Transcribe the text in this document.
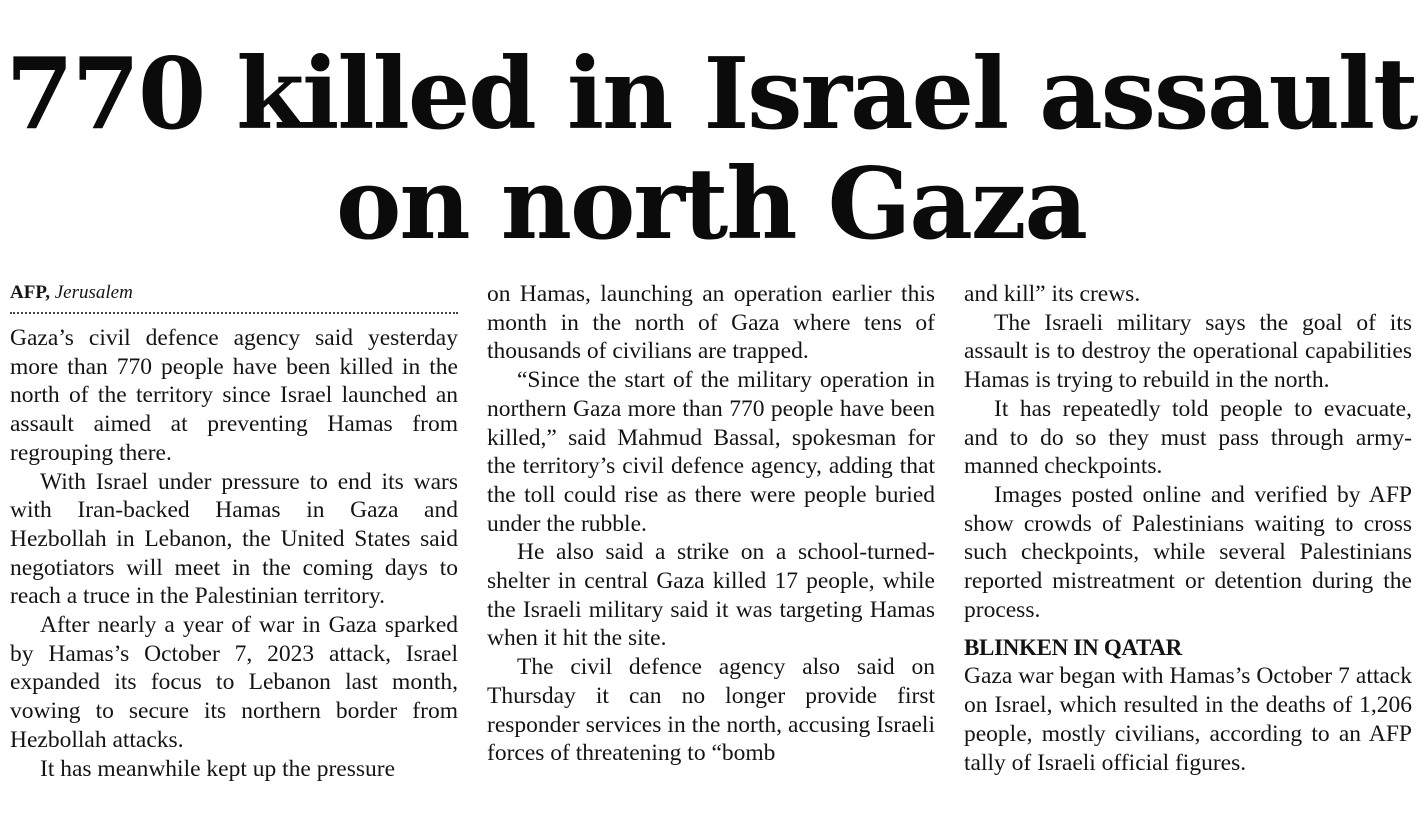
770 killed in Israel assault
on north Gaza
AFP, Jerusalem

Gaza’s civil defence agency said yesterday more than 770 people have been killed in the north of the territory since Israel launched an assault aimed at preventing Hamas from regrouping there.

With Israel under pressure to end its wars with Iran-backed Hamas in Gaza and Hezbollah in Lebanon, the United States said negotiators will meet in the coming days to reach a truce in the Palestinian territory.

After nearly a year of war in Gaza sparked by Hamas’s October 7, 2023 attack, Israel expanded its focus to Lebanon last month, vowing to secure its northern border from Hezbollah attacks.

It has meanwhile kept up the pressure

on Hamas, launching an operation earlier this month in the north of Gaza where tens of thousands of civilians are trapped.

“Since the start of the military operation in northern Gaza more than 770 people have been killed,” said Mahmud Bassal, spokesman for the territory’s civil defence agency, adding that the toll could rise as there were people buried under the rubble.

He also said a strike on a school-turned-shelter in central Gaza killed 17 people, while the Israeli military said it was targeting Hamas when it hit the site.

The civil defence agency also said on Thursday it can no longer provide first responder services in the north, accusing Israeli forces of threatening to “bomb

and kill” its crews.

The Israeli military says the goal of its assault is to destroy the operational capabilities Hamas is trying to rebuild in the north.

It has repeatedly told people to evacuate, and to do so they must pass through army-manned checkpoints.

Images posted online and verified by AFP show crowds of Palestinians waiting to cross such checkpoints, while several Palestinians reported mistreatment or detention during the process.

BLINKEN IN QATAR

Gaza war began with Hamas’s October 7 attack on Israel, which resulted in the deaths of 1,206 people, mostly civilians, according to an AFP tally of Israeli official figures.
